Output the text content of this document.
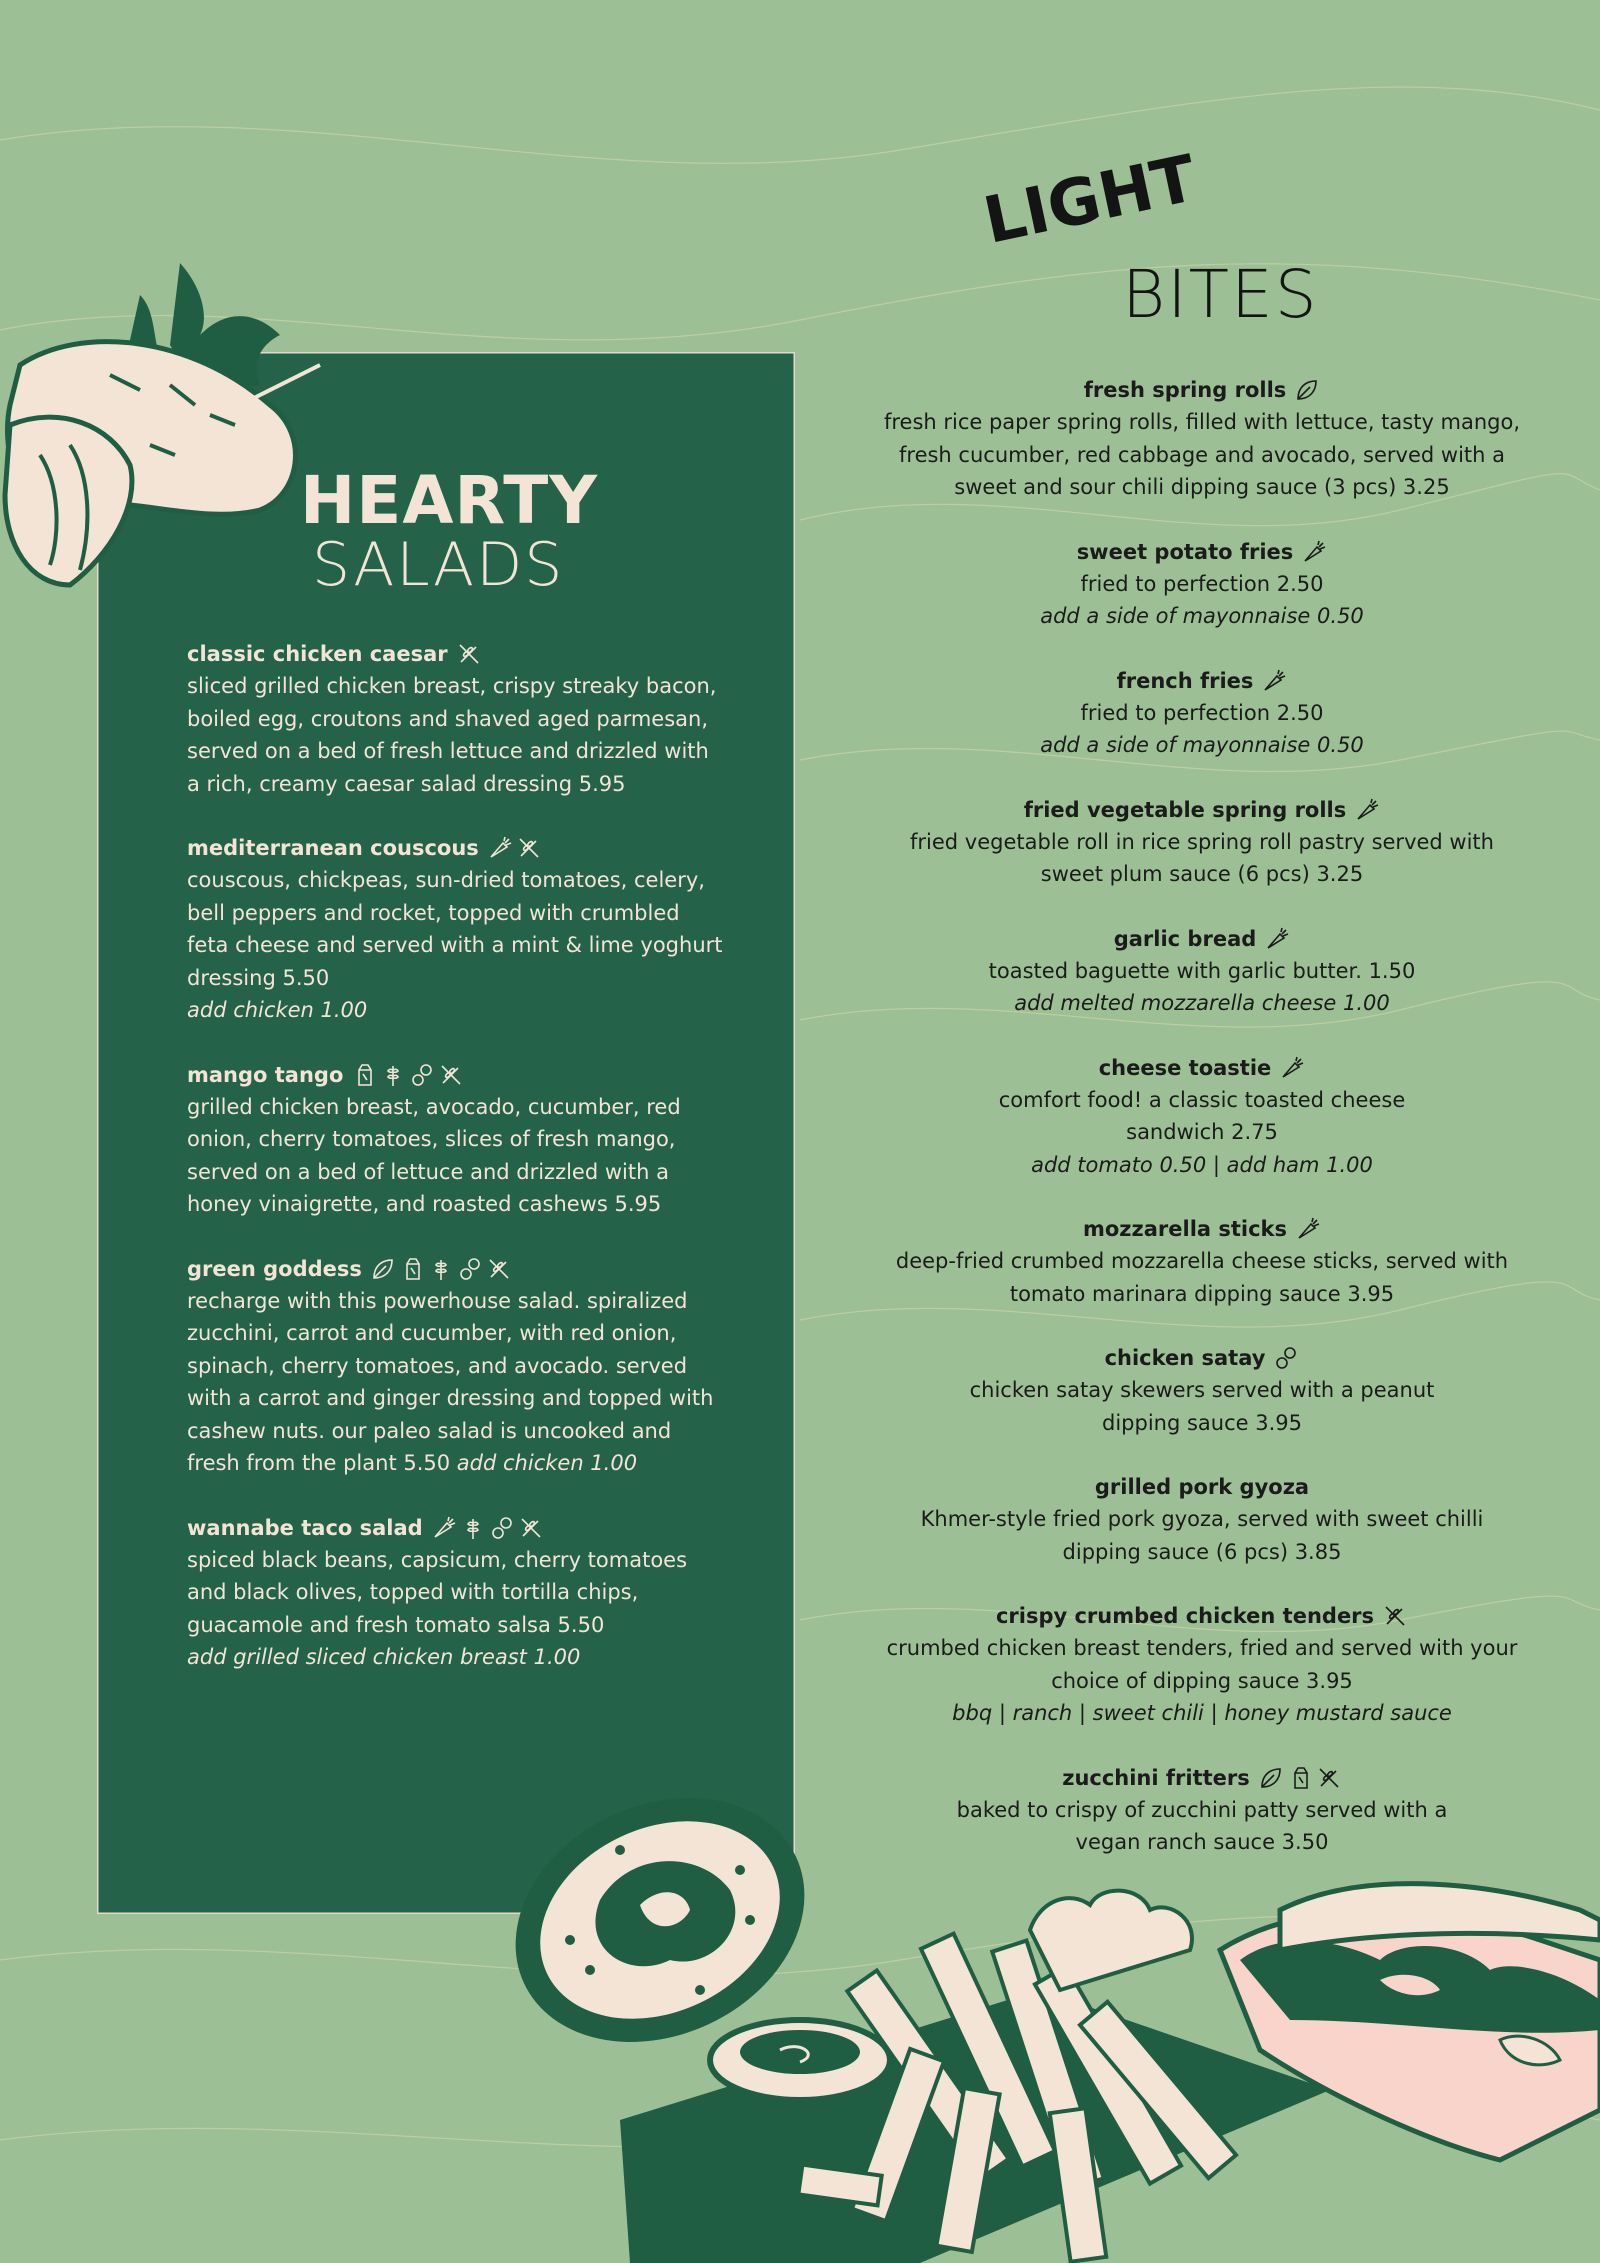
HEARTY
SALADS
classic chicken caesar
sliced grilled chicken breast, crispy streaky bacon, boiled egg, croutons and shaved aged parmesan, served on a bed of fresh lettuce and drizzled with a rich, creamy caesar salad dressing 5.95
mediterranean couscous
couscous, chickpeas, sun-dried tomatoes, celery, bell peppers and rocket, topped with crumbled feta cheese and served with a mint & lime yoghurt dressing 5.50
add chicken 1.00
mango tango
grilled chicken breast, avocado, cucumber, red onion, cherry tomatoes, slices of fresh mango, served on a bed of lettuce and drizzled with a honey vinaigrette, and roasted cashews 5.95
green goddess
recharge with this powerhouse salad. spiralized zucchini, carrot and cucumber, with red onion, spinach, cherry tomatoes, and avocado. served with a carrot and ginger dressing and topped with cashew nuts. our paleo salad is uncooked and fresh from the plant 5.50 add chicken 1.00
wannabe taco salad
spiced black beans, capsicum, cherry tomatoes and black olives, topped with tortilla chips, guacamole and fresh tomato salsa 5.50
add grilled sliced chicken breast 1.00
LIGHT
BITES
fresh spring rolls
fresh rice paper spring rolls, filled with lettuce, tasty mango, fresh cucumber, red cabbage and avocado, served with a sweet and sour chili dipping sauce (3 pcs) 3.25
sweet potato fries
fried to perfection 2.50
add a side of mayonnaise 0.50
french fries
fried to perfection 2.50
add a side of mayonnaise 0.50
fried vegetable spring rolls
fried vegetable roll in rice spring roll pastry served with sweet plum sauce (6 pcs) 3.25
garlic bread
toasted baguette with garlic butter. 1.50
add melted mozzarella cheese 1.00
cheese toastie
comfort food! a classic toasted cheese sandwich 2.75
add tomato 0.50 | add ham 1.00
mozzarella sticks
deep-fried crumbed mozzarella cheese sticks, served with tomato marinara dipping sauce 3.95
chicken satay
chicken satay skewers served with a peanut dipping sauce 3.95
grilled pork gyoza
Khmer-style fried pork gyoza, served with sweet chilli dipping sauce (6 pcs) 3.85
crispy crumbed chicken tenders
crumbed chicken breast tenders, fried and served with your choice of dipping sauce 3.95
bbq | ranch | sweet chili | honey mustard sauce
zucchini fritters
baked to crispy of zucchini patty served with a vegan ranch sauce 3.50
